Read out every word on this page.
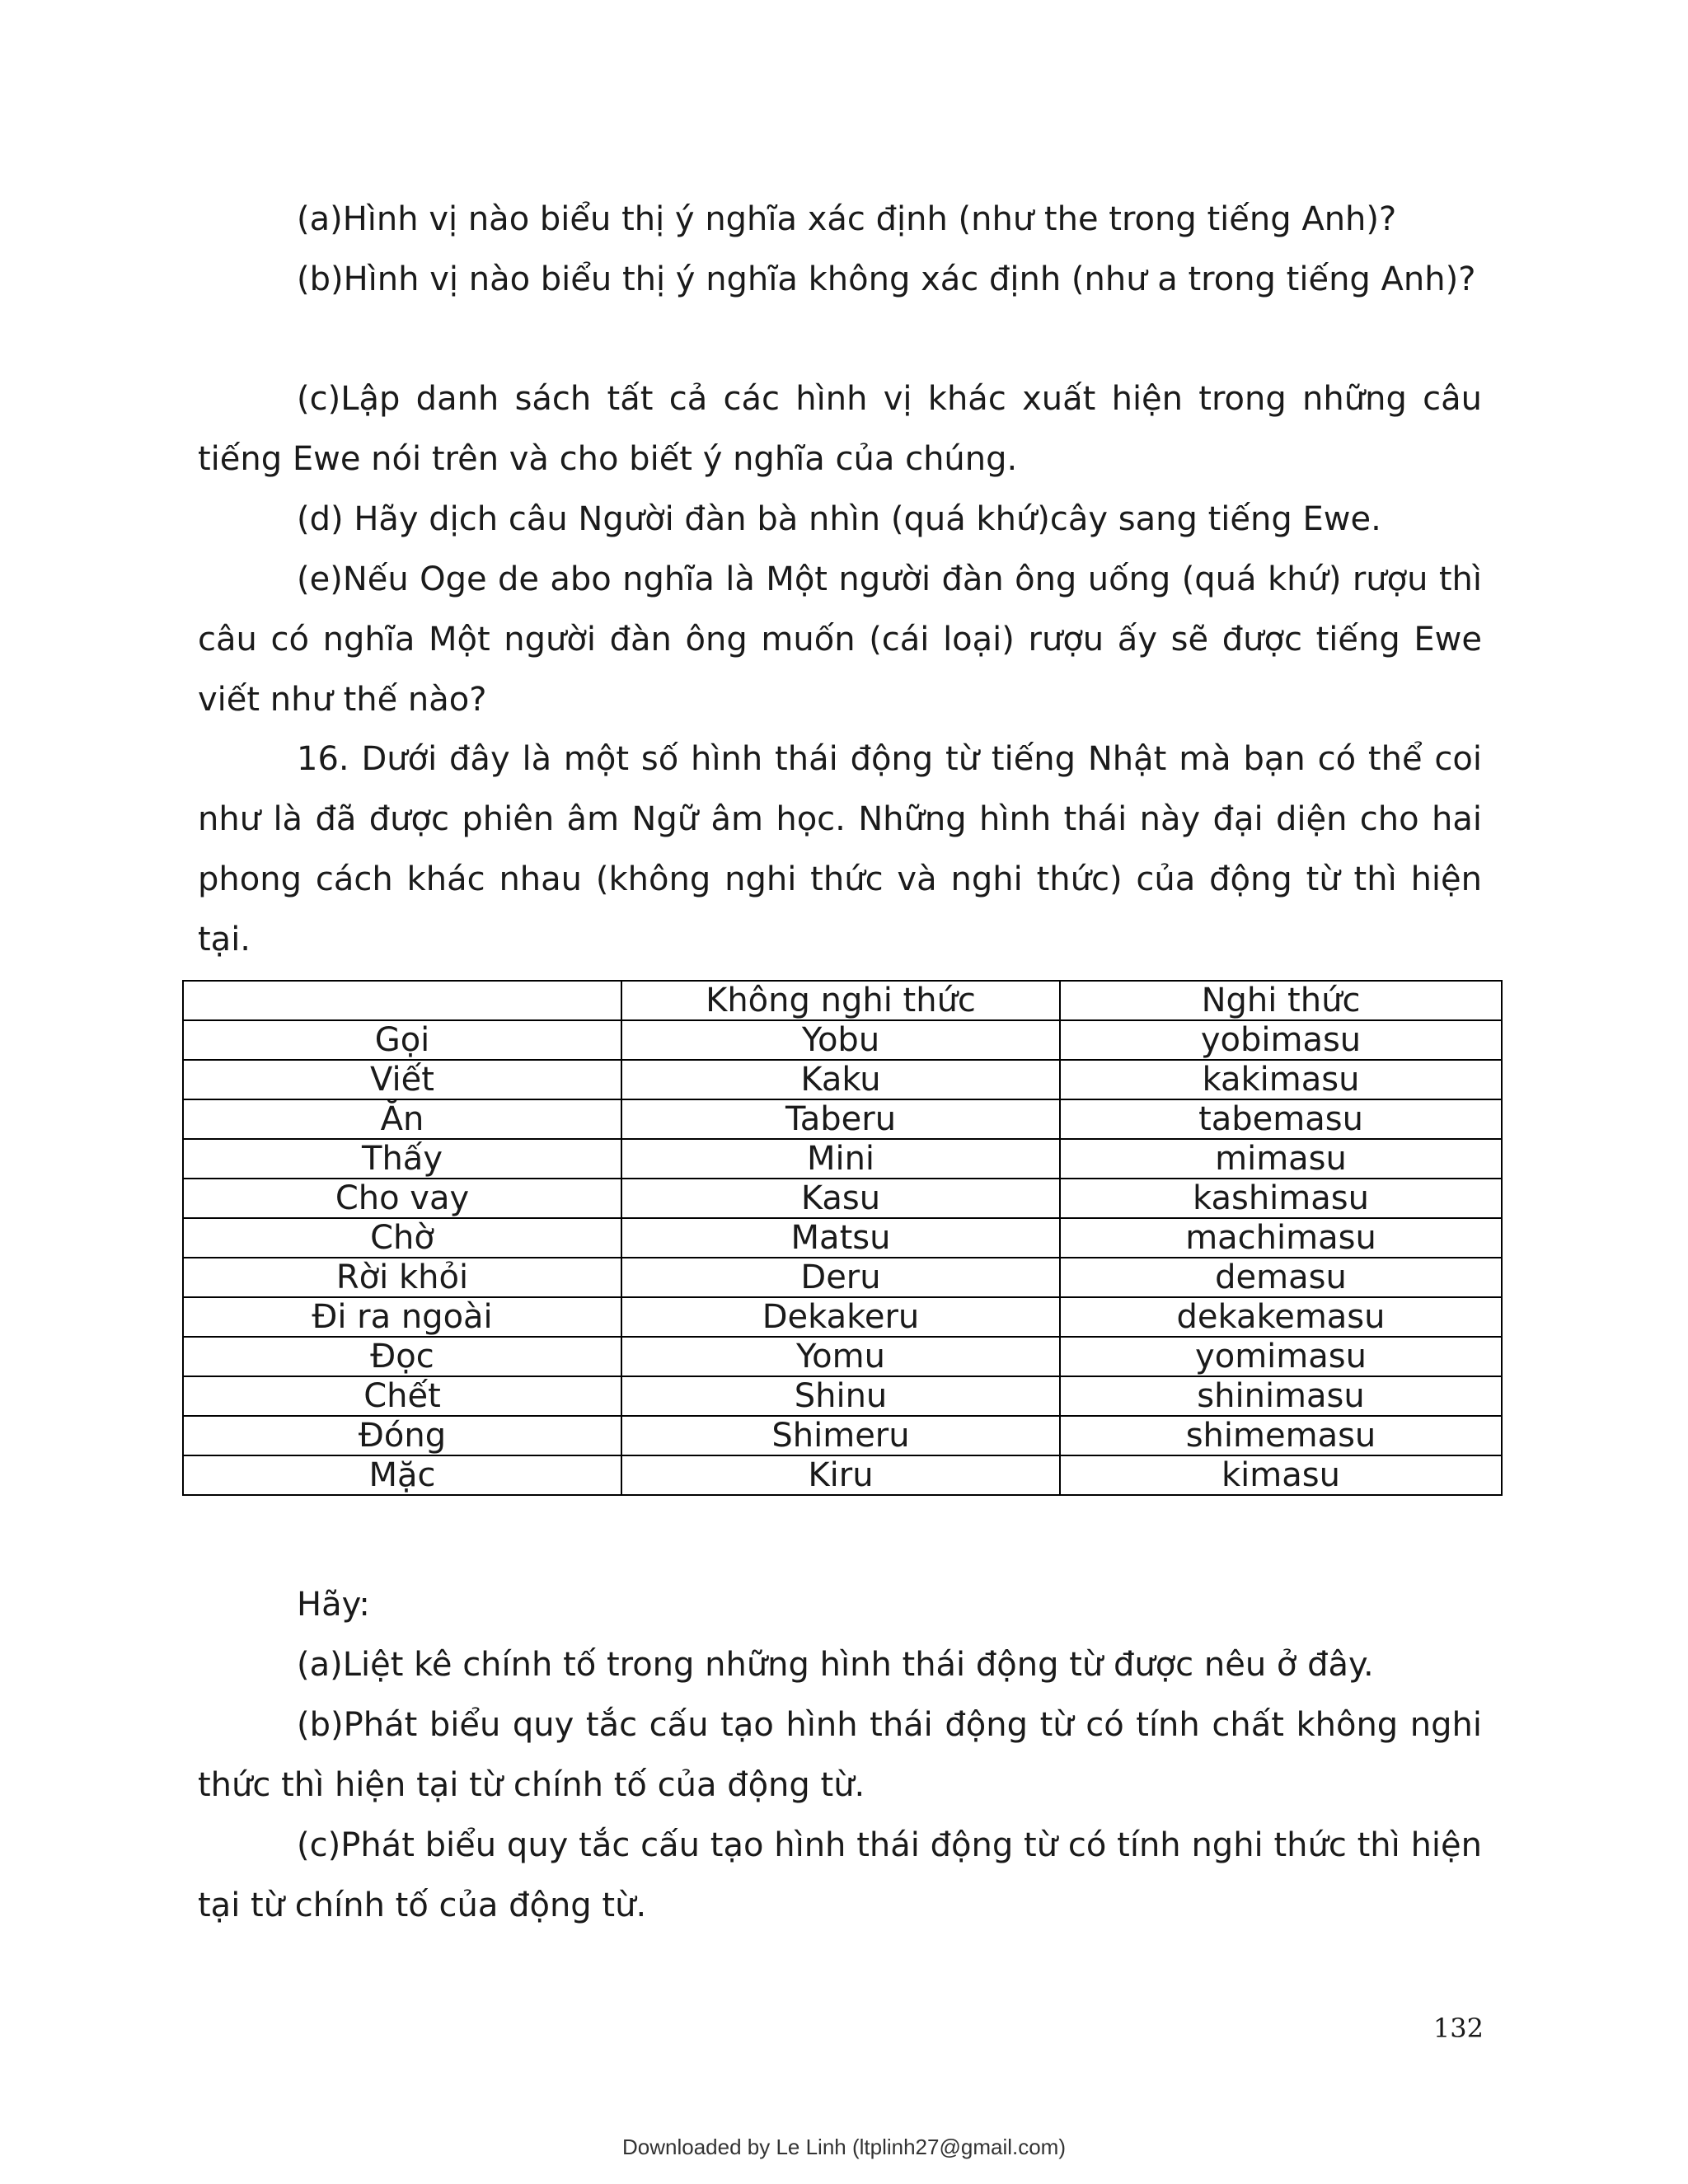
(a)Hình vị nào biểu thị ý nghĩa xác định (như the trong tiếng Anh)?

(b)Hình vị nào biểu thị ý nghĩa không xác định (như a trong tiếng Anh)?

(c)Lập danh sách tất cả các hình vị khác xuất hiện trong những câu tiếng Ewe nói trên và cho biết ý nghĩa của chúng.

(d) Hãy dịch câu Người đàn bà nhìn (quá khứ)cây sang tiếng Ewe.

(e)Nếu Oge de abo nghĩa là Một người đàn ông uống (quá khứ) rượu thì câu có nghĩa Một người đàn ông muốn (cái loại) rượu ấy sẽ được tiếng Ewe viết như thế nào?

16. Dưới đây là một số hình thái động từ tiếng Nhật mà bạn có thể coi như là đã được phiên âm Ngữ âm học. Những hình thái này đại diện cho hai phong cách khác nhau (không nghi thức và nghi thức) của động từ thì hiện tại.

	Không nghi thức	Nghi thức
Gọi	Yobu	yobimasu
Viết	Kaku	kakimasu
Ăn	Taberu	tabemasu
Thấy	Mini	mimasu
Cho vay	Kasu	kashimasu
Chờ	Matsu	machimasu
Rời khỏi	Deru	demasu
Đi ra ngoài	Dekakeru	dekakemasu
Đọc	Yomu	yomimasu
Chết	Shinu	shinimasu
Đóng	Shimeru	shimemasu
Mặc	Kiru	kimasu

Hãy:

(a)Liệt kê chính tố trong những hình thái động từ được nêu ở đây.

(b)Phát biểu quy tắc cấu tạo hình thái động từ có tính chất không nghi thức thì hiện tại từ chính tố của động từ.

(c)Phát biểu quy tắc cấu tạo hình thái động từ có tính nghi thức thì hiện tại từ chính tố của động từ.

132

Downloaded by Le Linh (ltplinh27@gmail.com)
